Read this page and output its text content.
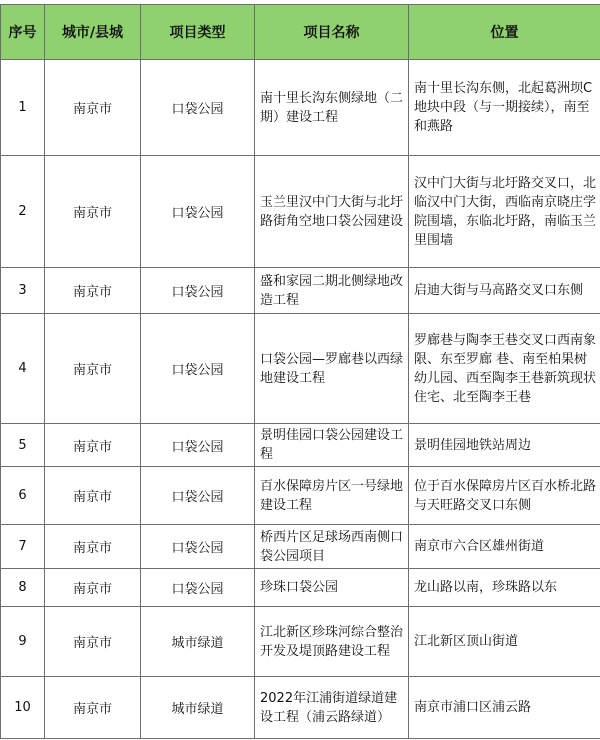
序号	城市/县城	项目类型	项目名称	位置
1	南京市	口袋公园	南十里长沟东侧绿地（二期）建设工程	南十里长沟东侧，北起葛洲坝C地块中段（与一期接续），南至和燕路
2	南京市	口袋公园	玉兰里汉中门大街与北圩路街角空地口袋公园建设	汉中门大街与北圩路交叉口，北临汉中门大街，西临南京晓庄学院围墙，东临北圩路，南临玉兰里围墙
3	南京市	口袋公园	盛和家园二期北侧绿地改造工程	启迪大街与马高路交叉口东侧
4	南京市	口袋公园	口袋公园—罗廊巷以西绿地建设工程	罗廊巷与陶李王巷交叉口西南象限、东至罗廊 巷、南至柏果树幼儿园、西至陶李王巷新筑现状住宅、北至陶李王巷
5	南京市	口袋公园	景明佳园口袋公园建设工程	景明佳园地铁站周边
6	南京市	口袋公园	百水保障房片区一号绿地建设工程	位于百水保障房片区百水桥北路与天旺路交叉口东侧
7	南京市	口袋公园	桥西片区足球场西南侧口袋公园项目	南京市六合区雄州街道
8	南京市	口袋公园	珍珠口袋公园	龙山路以南，珍珠路以东
9	南京市	城市绿道	江北新区珍珠河综合整治开发及堤顶路建设工程	江北新区顶山街道
10	南京市	城市绿道	2022年江浦街道绿道建设工程（浦云路绿道）	南京市浦口区浦云路
